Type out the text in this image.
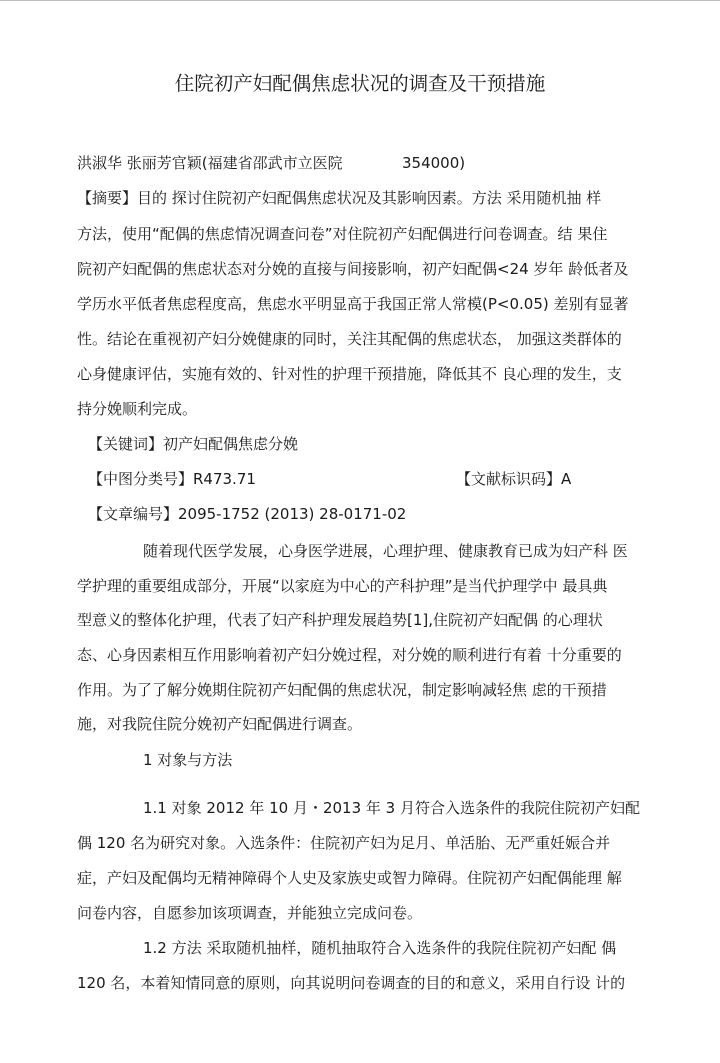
住院初产妇配偶焦虑状况的调查及干预措施
洪淑华 张丽芳官颖(福建省邵武市立医院	354000)
【摘要】目的 探讨住院初产妇配偶焦虑状况及其影响因素。方法 采用随机抽 样
方法，使用“配偶的焦虑情况调查问卷”对住院初产妇配偶进行问卷调查。结 果住
院初产妇配偶的焦虑状态对分娩的直接与间接影响，初产妇配偶<24 岁年 龄低者及
学历水平低者焦虑程度高，焦虑水平明显高于我国正常人常模(P<0.05) 差别有显著
性。结论在重视初产妇分娩健康的同时，关注其配偶的焦虑状态， 加强这类群体的
心身健康评估，实施有效的、针对性的护理干预措施，降低其不 良心理的发生，支
持分娩顺利完成。
【关键词】初产妇配偶焦虑分娩
【中图分类号】R473.71	【文献标识码】A
【文章编号】2095-1752 (2013) 28-0171-02
随着现代医学发展，心身医学进展，心理护理、健康教育已成为妇产科 医
学护理的重要组成部分，开展“以家庭为中心的产科护理”是当代护理学中 最具典
型意义的整体化护理，代表了妇产科护理发展趋势[1],住院初产妇配偶 的心理状
态、心身因素相互作用影响着初产妇分娩过程，对分娩的顺利进行有着 十分重要的
作用。为了了解分娩期住院初产妇配偶的焦虑状况，制定影响减轻焦 虑的干预措
施，对我院住院分娩初产妇配偶进行调查。
1 对象与方法
1.1 对象 2012 年 10 月・2013 年 3 月符合入选条件的我院住院初产妇配
偶 120 名为研究对象。入选条件：住院初产妇为足月、单活胎、无严重妊娠合并
症，产妇及配偶均无精神障碍个人史及家族史或智力障碍。住院初产妇配偶能理 解
问卷内容，自愿参加该项调查，并能独立完成问卷。
1.2 方法 采取随机抽样，随机抽取符合入选条件的我院住院初产妇配 偶
120 名，本着知情同意的原则，向其说明问卷调查的目的和意义，采用自行设 计的
